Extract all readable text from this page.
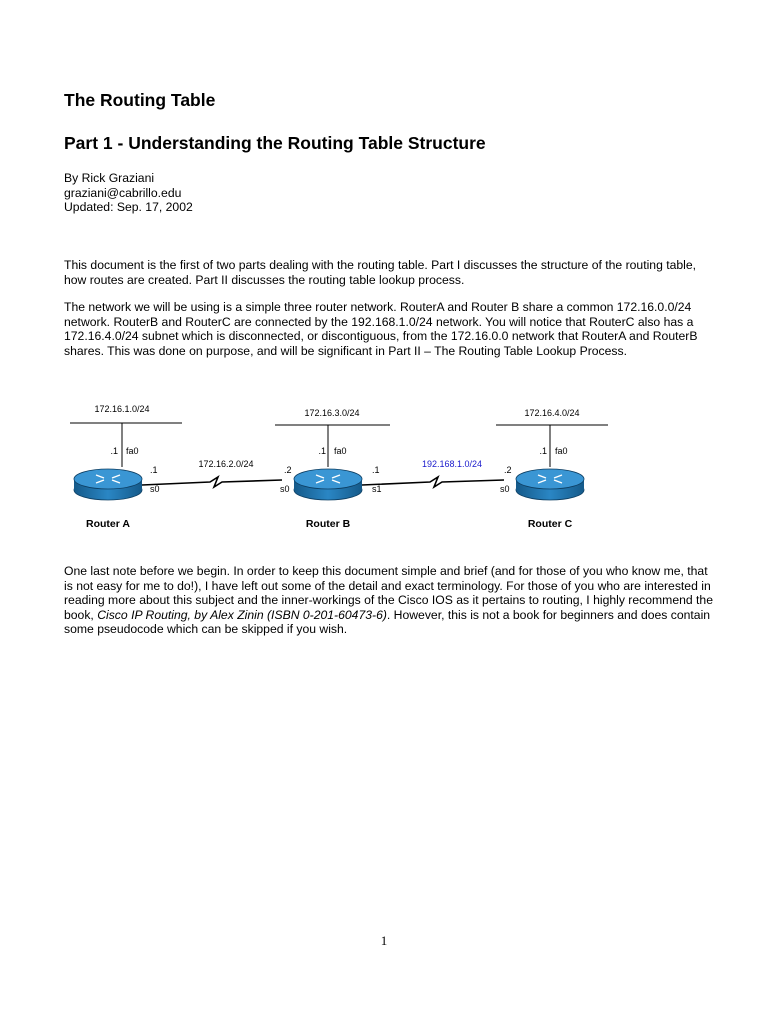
The Routing Table
Part 1 - Understanding the Routing Table Structure
By Rick Graziani
graziani@cabrillo.edu
Updated: Sep. 17, 2002

This document is the first of two parts dealing with the routing table. Part I discusses the structure of the routing table, how routes are created. Part II discusses the routing table lookup process.

The network we will be using is a simple three router network. RouterA and Router B share a common 172.16.0.0/24 network. RouterB and RouterC are connected by the 192.168.1.0/24 network. You will notice that RouterC also has a 172.16.4.0/24 subnet which is disconnected, or discontiguous, from the 172.16.0.0 network that RouterA and RouterB shares. This was done on purpose, and will be significant in Part II – The Routing Table Lookup Process.

172.16.1.0/24
.1 fa0
.1
s0
Router A
172.16.2.0/24
172.16.3.0/24
.1 fa0
.2
s0
.1
s1
Router B
192.168.1.0/24
172.16.4.0/24
.1 fa0
.2
s0
Router C

One last note before we begin. In order to keep this document simple and brief (and for those of you who know me, that is not easy for me to do!), I have left out some of the detail and exact terminology. For those of you who are interested in reading more about this subject and the inner-workings of the Cisco IOS as it pertains to routing, I highly recommend the book, Cisco IP Routing, by Alex Zinin (ISBN 0-201-60473-6). However, this is not a book for beginners and does contain some pseudocode which can be skipped if you wish.

1
